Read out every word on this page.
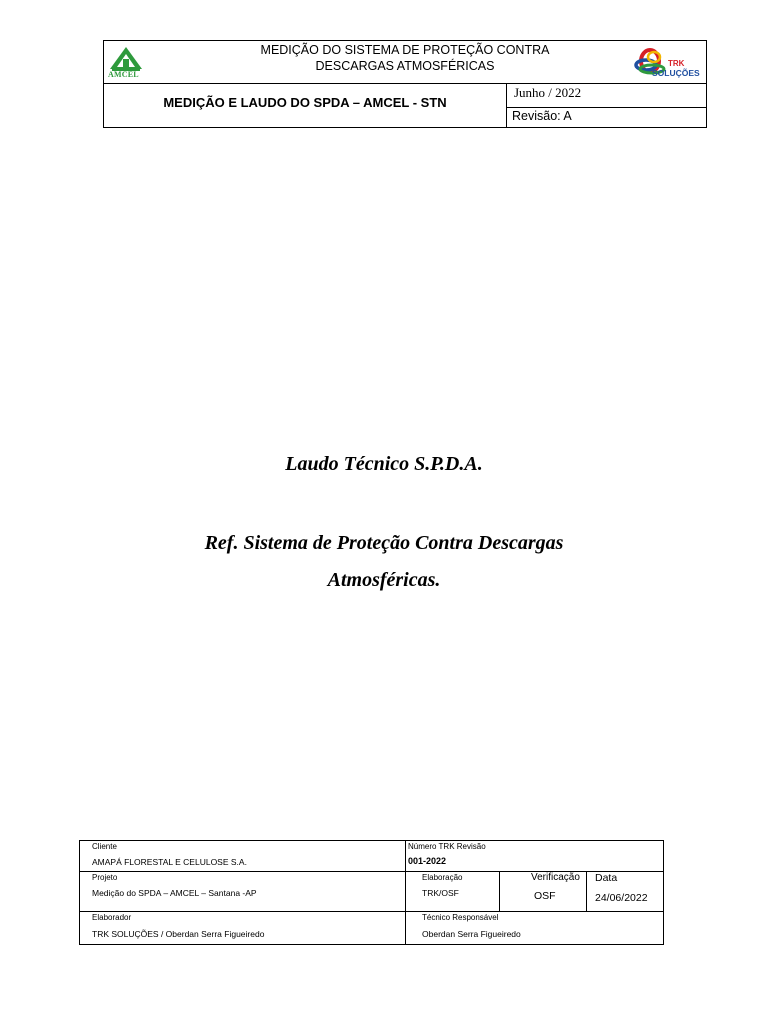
AMCEL
MEDIÇÃO DO SISTEMA DE PROTEÇÃO CONTRA
DESCARGAS ATMOSFÉRICAS	TRK
SOLUÇÕES
MEDIÇÃO E LAUDO DO SPDA – AMCEL - STN
Junho / 2022
Revisão: A
Laudo Técnico S.P.D.A.
Ref. Sistema de Proteção Contra Descargas
Atmosféricas.
Cliente
AMAPÁ FLORESTAL E CELULOSE S.A.
Número TRK Revisão
001-2022
Projeto
Medição do SPDA – AMCEL – Santana -AP
Elaboração
TRK/OSF
Verificação
OSF
Data
24/06/2022
Elaborador
TRK SOLUÇÕES / Oberdan Serra Figueiredo
Técnico Responsável
Oberdan Serra Figueiredo
